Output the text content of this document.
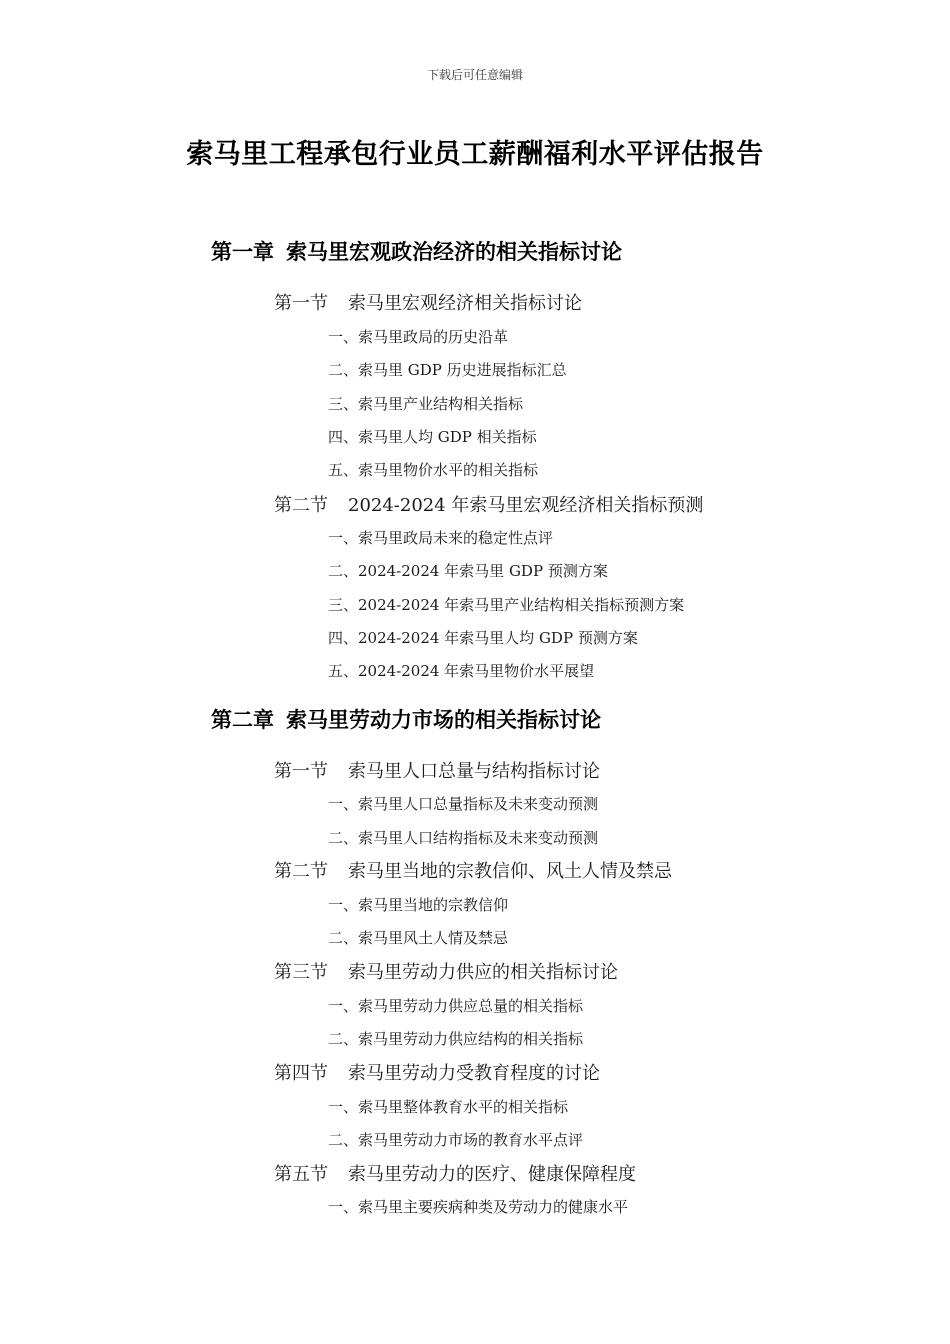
下载后可任意编辑
索马里工程承包行业员工薪酬福利水平评估报告
第一章 索马里宏观政治经济的相关指标讨论
第一节 索马里宏观经济相关指标讨论
一、索马里政局的历史沿革
二、索马里 GDP 历史进展指标汇总
三、索马里产业结构相关指标
四、索马里人均 GDP 相关指标
五、索马里物价水平的相关指标
第二节 2024-2024 年索马里宏观经济相关指标预测
一、索马里政局未来的稳定性点评
二、2024-2024 年索马里 GDP 预测方案
三、2024-2024 年索马里产业结构相关指标预测方案
四、2024-2024 年索马里人均 GDP 预测方案
五、2024-2024 年索马里物价水平展望
第二章 索马里劳动力市场的相关指标讨论
第一节 索马里人口总量与结构指标讨论
一、索马里人口总量指标及未来变动预测
二、索马里人口结构指标及未来变动预测
第二节 索马里当地的宗教信仰、风土人情及禁忌
一、索马里当地的宗教信仰
二、索马里风土人情及禁忌
第三节 索马里劳动力供应的相关指标讨论
一、索马里劳动力供应总量的相关指标
二、索马里劳动力供应结构的相关指标
第四节 索马里劳动力受教育程度的讨论
一、索马里整体教育水平的相关指标
二、索马里劳动力市场的教育水平点评
第五节 索马里劳动力的医疗、健康保障程度
一、索马里主要疾病种类及劳动力的健康水平
